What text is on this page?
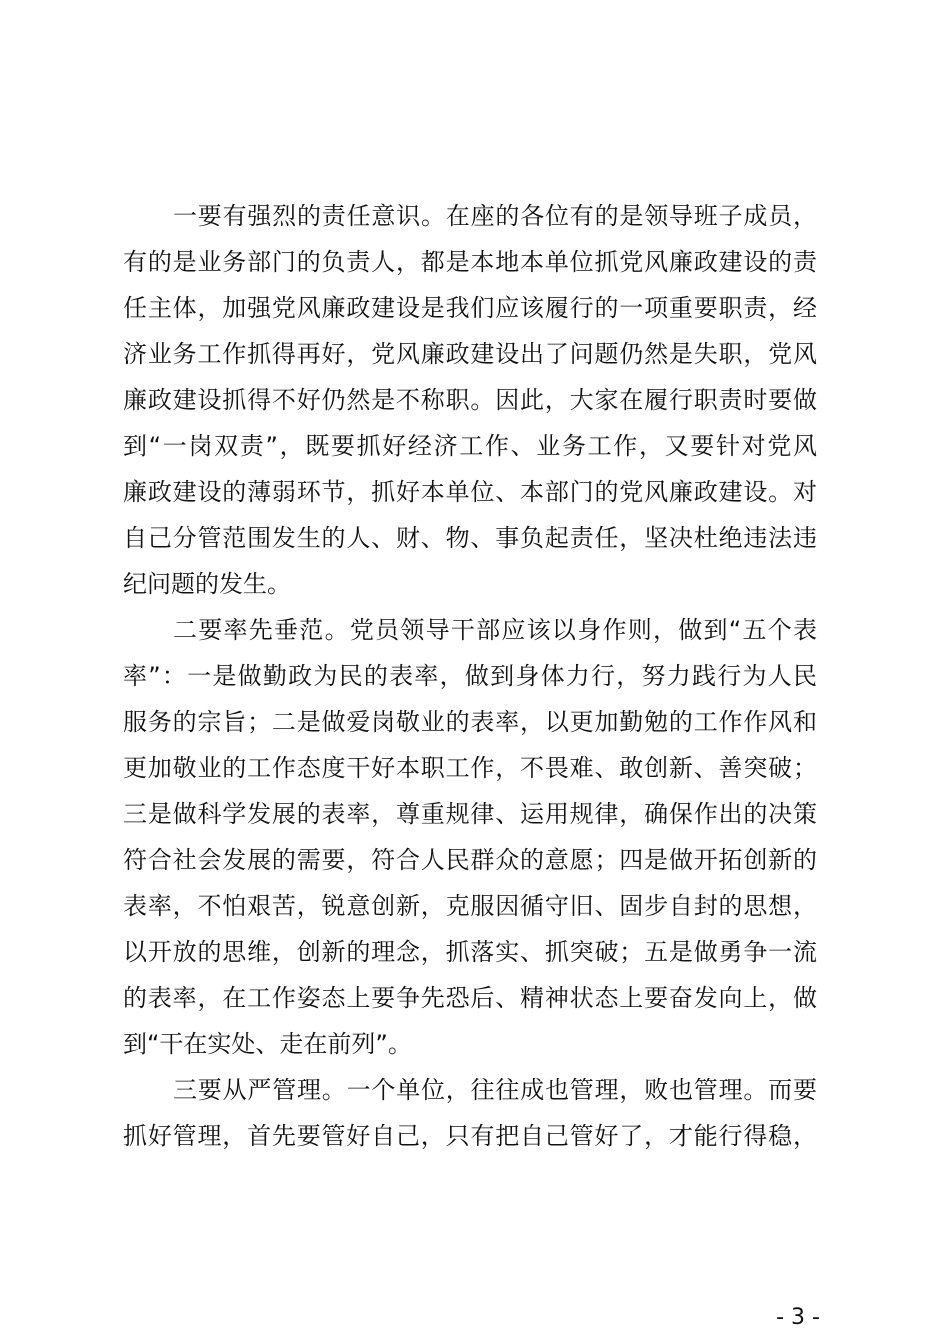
一要有强烈的责任意识。在座的各位有的是领导班子成员，
有的是业务部门的负责人，都是本地本单位抓党风廉政建设的责
任主体，加强党风廉政建设是我们应该履行的一项重要职责，经
济业务工作抓得再好，党风廉政建设出了问题仍然是失职，党风
廉政建设抓得不好仍然是不称职。因此，大家在履行职责时要做
到“一岗双责”，既要抓好经济工作、业务工作，又要针对党风
廉政建设的薄弱环节，抓好本单位、本部门的党风廉政建设。对
自己分管范围发生的人、财、物、事负起责任，坚决杜绝违法违
纪问题的发生。
二要率先垂范。党员领导干部应该以身作则，做到“五个表
率”：一是做勤政为民的表率，做到身体力行，努力践行为人民
服务的宗旨；二是做爱岗敬业的表率，以更加勤勉的工作作风和
更加敬业的工作态度干好本职工作，不畏难、敢创新、善突破；
三是做科学发展的表率，尊重规律、运用规律，确保作出的决策
符合社会发展的需要，符合人民群众的意愿；四是做开拓创新的
表率，不怕艰苦，锐意创新，克服因循守旧、固步自封的思想，
以开放的思维，创新的理念，抓落实、抓突破；五是做勇争一流
的表率，在工作姿态上要争先恐后、精神状态上要奋发向上，做
到“干在实处、走在前列”。
三要从严管理。一个单位，往往成也管理，败也管理。而要
抓好管理，首先要管好自己，只有把自己管好了，才能行得稳，
- 3 -
